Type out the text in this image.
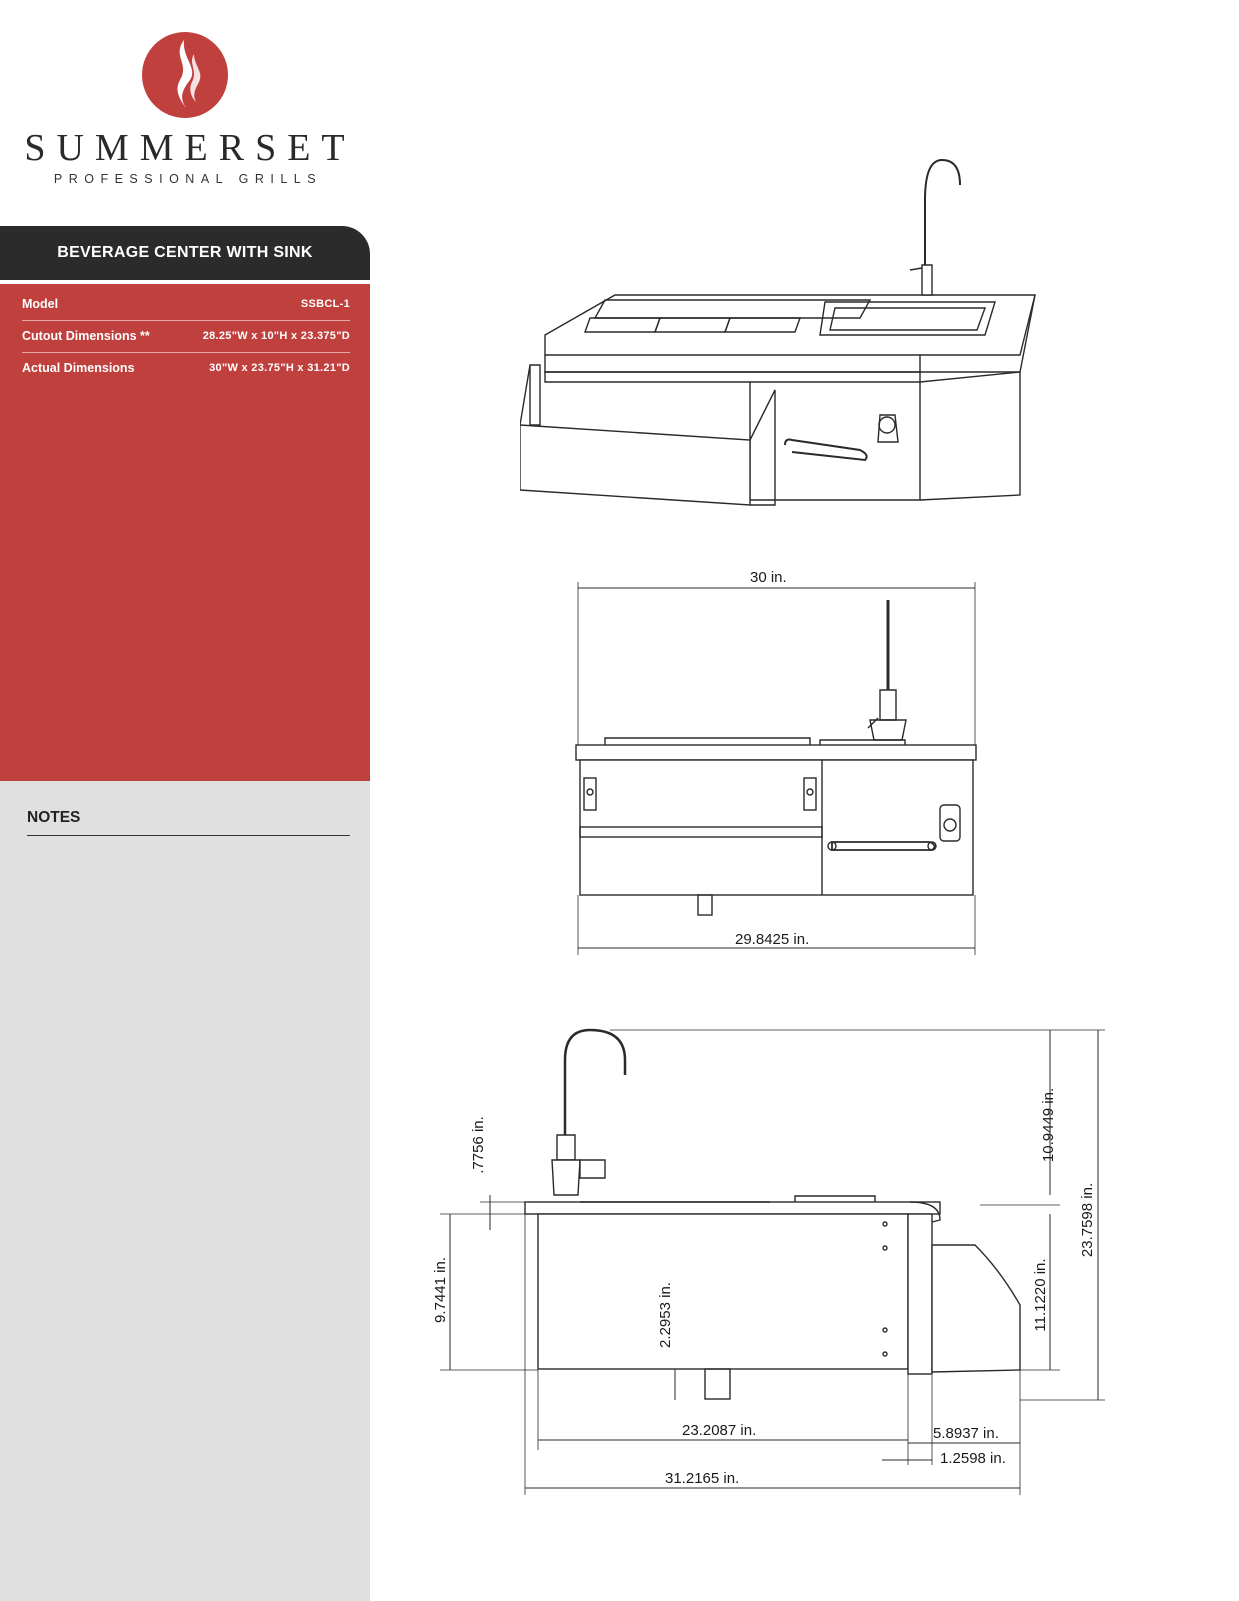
SUMMERSET
PROFESSIONAL GRILLS
BEVERAGE CENTER WITH SINK
Model	SSBCL-1
Cutout Dimensions **	28.25"W x 10"H x 23.375"D
Actual Dimensions	30"W x 23.75"H x 31.21"D
NOTES
30 in.
29.8425 in.
10.9449 in.
23.7598 in.
.7756 in.
9.7441 in.	2.2953 in.	11.1220 in.
23.2087 in.	5.8937 in.
1.2598 in.
31.2165 in.
